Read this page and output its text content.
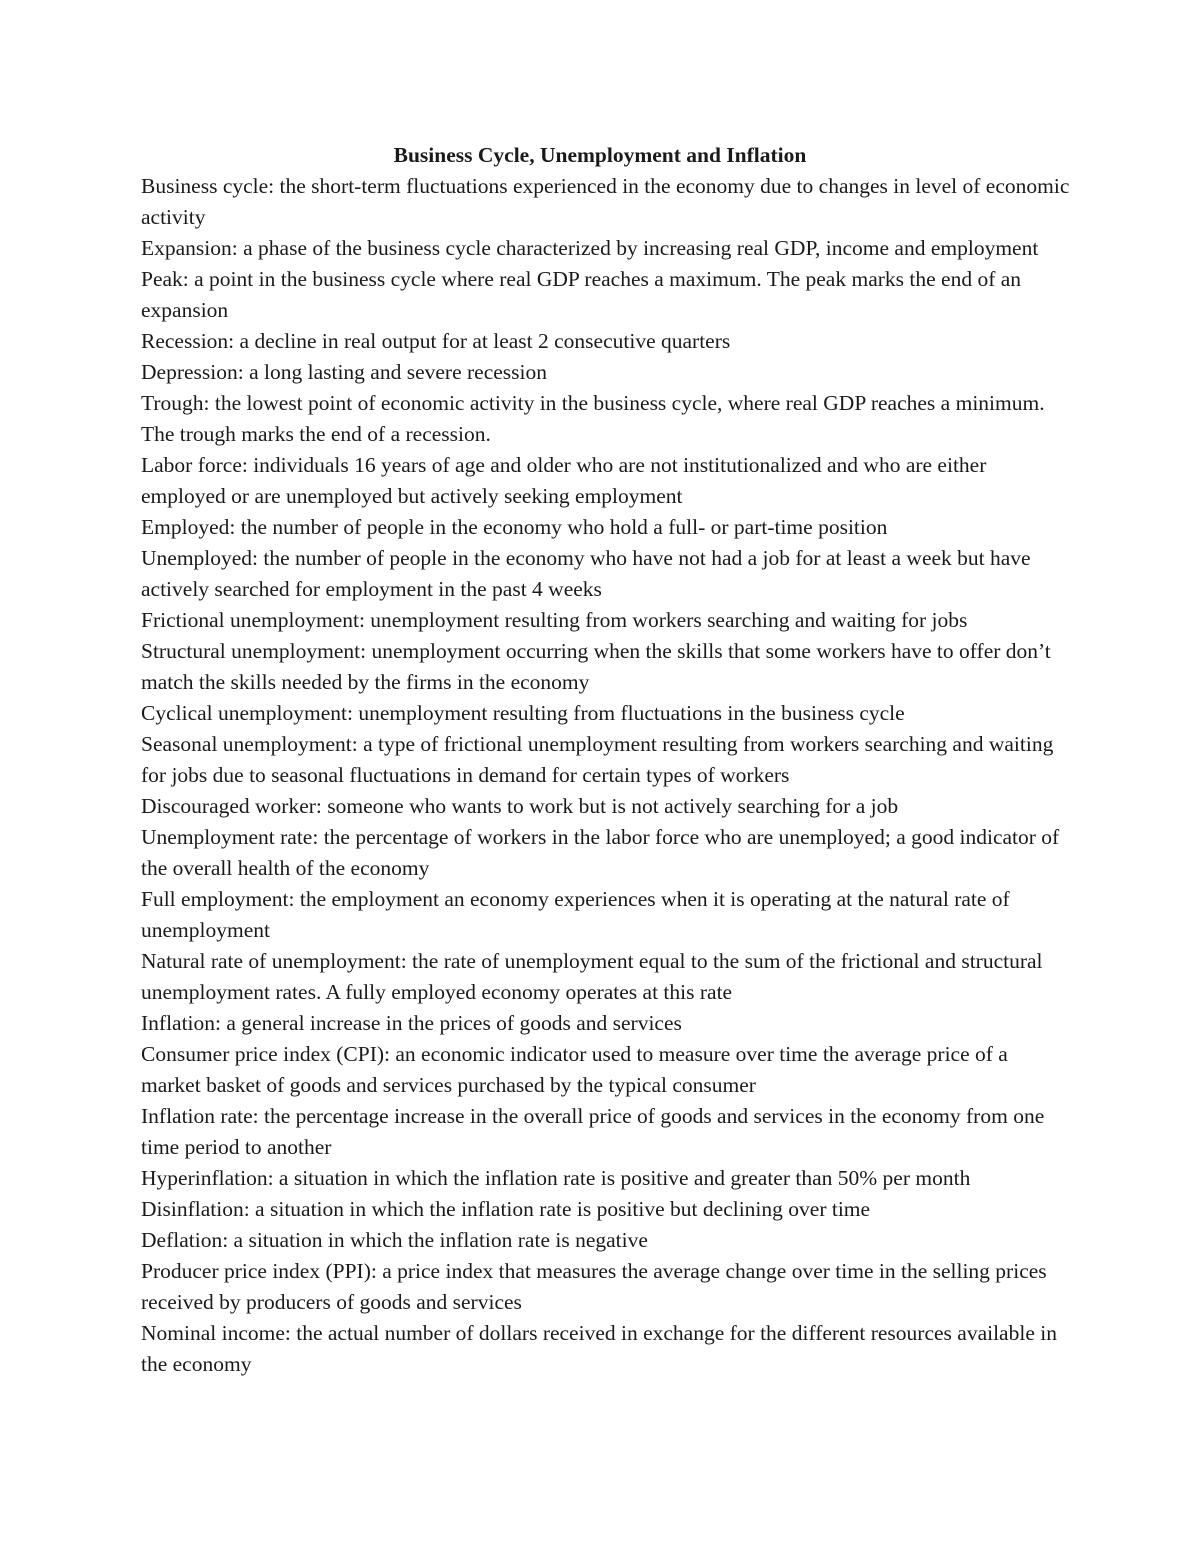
Business Cycle, Unemployment and Inflation

Business cycle: the short-term fluctuations experienced in the economy due to changes in level of economic activity

Expansion: a phase of the business cycle characterized by increasing real GDP, income and employment

Peak: a point in the business cycle where real GDP reaches a maximum. The peak marks the end of an expansion

Recession: a decline in real output for at least 2 consecutive quarters

Depression: a long lasting and severe recession

Trough: the lowest point of economic activity in the business cycle, where real GDP reaches a minimum. The trough marks the end of a recession.

Labor force: individuals 16 years of age and older who are not institutionalized and who are either employed or are unemployed but actively seeking employment

Employed: the number of people in the economy who hold a full- or part-time position

Unemployed: the number of people in the economy who have not had a job for at least a week but have actively searched for employment in the past 4 weeks

Frictional unemployment: unemployment resulting from workers searching and waiting for jobs

Structural unemployment: unemployment occurring when the skills that some workers have to offer don’t match the skills needed by the firms in the economy

Cyclical unemployment: unemployment resulting from fluctuations in the business cycle

Seasonal unemployment: a type of frictional unemployment resulting from workers searching and waiting for jobs due to seasonal fluctuations in demand for certain types of workers

Discouraged worker: someone who wants to work but is not actively searching for a job

Unemployment rate: the percentage of workers in the labor force who are unemployed; a good indicator of the overall health of the economy

Full employment: the employment an economy experiences when it is operating at the natural rate of unemployment

Natural rate of unemployment: the rate of unemployment equal to the sum of the frictional and structural unemployment rates. A fully employed economy operates at this rate

Inflation: a general increase in the prices of goods and services

Consumer price index (CPI): an economic indicator used to measure over time the average price of a market basket of goods and services purchased by the typical consumer

Inflation rate: the percentage increase in the overall price of goods and services in the economy from one time period to another

Hyperinflation: a situation in which the inflation rate is positive and greater than 50% per month

Disinflation: a situation in which the inflation rate is positive but declining over time

Deflation: a situation in which the inflation rate is negative

Producer price index (PPI): a price index that measures the average change over time in the selling prices received by producers of goods and services

Nominal income: the actual number of dollars received in exchange for the different resources available in the economy
